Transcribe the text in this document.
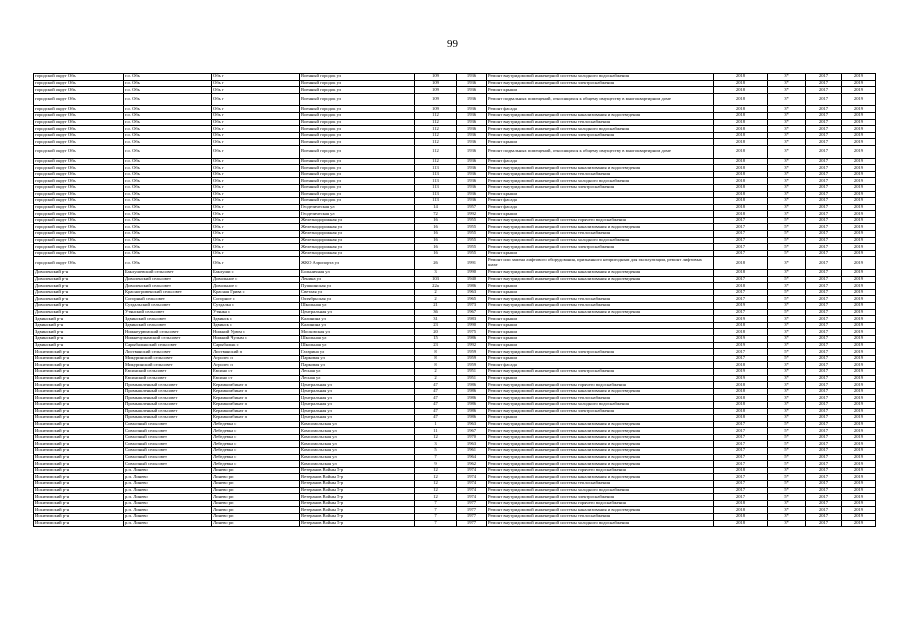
99
городской округ Обь	г.о. Обь	Обь г	Военный городок ул	109	1936	Ремонт внутридомовой инженерной системы холодного водоснабжения	2018	3*	2017	2019
городской округ Обь	г.о. Обь	Обь г	Военный городок ул	109	1936	Ремонт внутридомовой инженерной системы электроснабжения	2018	3*	2017	2019
городской округ Обь	г.о. Обь	Обь г	Военный городок ул	109	1936	Ремонт крыши	2018	3*	2017	2019
городской округ Обь	г.о. Обь	Обь г	Военный городок ул	109	1936	Ремонт подвальных помещений, относящихся к общему имуществу в многоквартирном доме	2018	3*	2017	2019
городской округ Обь	г.о. Обь	Обь г	Военный городок ул	109	1936	Ремонт фасада	2018	3*	2017	2019
городской округ Обь	г.о. Обь	Обь г	Военный городок ул	112	1936	Ремонт внутридомовой инженерной системы канализования и водоотведения	2018	3*	2017	2019
городской округ Обь	г.о. Обь	Обь г	Военный городок ул	112	1936	Ремонт внутридомовой инженерной системы теплоснабжения	2018	3*	2017	2019
городской округ Обь	г.о. Обь	Обь г	Военный городок ул	112	1936	Ремонт внутридомовой инженерной системы холодного водоснабжения	2018	3*	2017	2019
городской округ Обь	г.о. Обь	Обь г	Военный городок ул	112	1936	Ремонт внутридомовой инженерной системы электроснабжения	2018	3*	2017	2019
городской округ Обь	г.о. Обь	Обь г	Военный городок ул	112	1936	Ремонт крыши	2018	3*	2017	2019
городской округ Обь	г.о. Обь	Обь г	Военный городок ул	112	1936	Ремонт подвальных помещений, относящихся к общему имуществу в многоквартирном доме	2018	3*	2017	2019
городской округ Обь	г.о. Обь	Обь г	Военный городок ул	112	1936	Ремонт фасада	2018	3*	2017	2019
городской округ Обь	г.о. Обь	Обь г	Военный городок ул	113	1936	Ремонт внутридомовой инженерной системы канализования и водоотведения	2018	3*	2017	2019
городской округ Обь	г.о. Обь	Обь г	Военный городок ул	113	1936	Ремонт внутридомовой инженерной системы теплоснабжения	2018	3*	2017	2019
городской округ Обь	г.о. Обь	Обь г	Военный городок ул	113	1936	Ремонт внутридомовой инженерной системы холодного водоснабжения	2018	3*	2017	2019
городской округ Обь	г.о. Обь	Обь г	Военный городок ул	113	1936	Ремонт внутридомовой инженерной системы электроснабжения	2018	3*	2017	2019
городской округ Обь	г.о. Обь	Обь г	Военный городок ул	113	1936	Ремонт крыши	2018	3*	2017	2019
городской округ Обь	г.о. Обь	Обь г	Военный городок ул	113	1936	Ремонт фасада	2018	3*	2017	2019
городской округ Обь	г.о. Обь	Обь г	Геодезическая ул	14	1957	Ремонт фасада	2018	3*	2017	2019
городской округ Обь	г.о. Обь	Обь г	Геодезическая ул	72	1992	Ремонт крыши	2018	3*	2017	2019
городской округ Обь	г.о. Обь	Обь г	Железнодорожная ул	16	1955	Ремонт внутридомовой инженерной системы горячего водоснабжения	2017	5*	2017	2019
городской округ Обь	г.о. Обь	Обь г	Железнодорожная ул	16	1955	Ремонт внутридомовой инженерной системы канализования и водоотведения	2017	5*	2017	2019
городской округ Обь	г.о. Обь	Обь г	Железнодорожная ул	16	1955	Ремонт внутридомовой инженерной системы теплоснабжения	2017	5*	2017	2019
городской округ Обь	г.о. Обь	Обь г	Железнодорожная ул	16	1955	Ремонт внутридомовой инженерной системы холодного водоснабжения	2017	5*	2017	2019
городской округ Обь	г.о. Обь	Обь г	Железнодорожная ул	16	1955	Ремонт внутридомовой инженерной системы электроснабжения	2017	5*	2017	2019
городской округ Обь	г.о. Обь	Обь г	Железнодорожная ул	16	1955	Ремонт крыши	2017	5*	2017	2019
городской округ Обь	г.о. Обь	Обь г	ЖКО Аэропорта ул	26	1991	Ремонт или замена лифтового оборудования, признанного непригодным для эксплуатации, ремонт лифтовых шахт	2018	3*	2017	2019
Доволенский р-н	Баклушевский сельсовет	Баклуши с	Больничная ул	3	1990	Ремонт внутридомовой инженерной системы канализования и водоотведения	2018	3*	2017	2019
Доволенский р-н	Доволенский сельсовет	Довольное с	Ленина ул	103	1940	Ремонт внутридомовой инженерной системы канализования и водоотведения	2017	5*	2017	2019
Доволенский р-н	Доволенский сельсовет	Довольное с	Пушкинская ул	22а	1986	Ремонт крыши	2018	3*	2017	2019
Доволенский р-н	Красногривенский сельсовет	Красная Грива с	Светлая ул	2	1963	Ремонт крыши	2017	5*	2017	2019
Доволенский р-н	Согорный сельсовет	Согорное с	Октябрьская ул	2	1965	Ремонт внутридомовой инженерной системы теплоснабжения	2017	5*	2017	2019
Доволенский р-н	Суздальский сельсовет	Суздалка с	Школьная ул	21	1973	Ремонт внутридомовой инженерной системы теплоснабжения	2019	3*	2017	2019
Доволенский р-н	Утянский сельсовет	Утянка с	Центральная ул	36	1967	Ремонт внутридомовой инженерной системы канализования и водоотведения	2017	5*	2017	2019
Здвинский р-н	Здвинский сельсовет	Здвинск с	Калинина ул	31	1983	Ремонт крыши	2019	3*	2017	2019
Здвинский р-н	Здвинский сельсовет	Здвинск с	Калинина ул	23	1990	Ремонт крыши	2018	3*	2017	2019
Здвинский р-н	Нижнеурюмский сельсовет	Нижний Урюм с	Московская ул	20	1975	Ремонт крыши	2018	3*	2017	2019
Здвинский р-н	Нижнечулымский сельсовет	Нижний Чулым с	Школьная ул	15	1986	Ремонт крыши	2019	3*	2017	2019
Здвинский р-н	Сарыбалыкский сельсовет	Сарыбалык с	Школьная ул	23	1992	Ремонт крыши	2019	3*	2017	2019
Искитимский р-н	Листвянский сельсовет	Листвянский п	Гагарина ул	8	1959	Ремонт внутридомовой инженерной системы электроснабжения	2017	5*	2017	2019
Искитимский р-н	Микуринский сельсовет	Агролес п	Парковая ул	8	1959	Ремонт крыши	2017	5*	2017	2019
Искитимский р-н	Микуринский сельсовет	Агролес п	Парковая ул	8	1959	Ремонт фасада	2018	3*	2017	2019
Искитимский р-н	Евсинский сельсовет	Евсино ст	Лесная ул	2	1951	Ремонт внутридомовой инженерной системы электроснабжения	2019	3*	2017	2019
Искитимский р-н	Евсинский сельсовет	Евсино ст	Лесная ул	2	1951	Ремонт крыши	2019	3*	2017	2019
Искитимский р-н	Промышленный сельсовет	Керамкомбинат п	Центральная ул	47	1986	Ремонт внутридомовой инженерной системы горячего водоснабжения	2018	3*	2017	2019
Искитимский р-н	Промышленный сельсовет	Керамкомбинат п	Центральная ул	47	1986	Ремонт внутридомовой инженерной системы канализования и водоотведения	2018	3*	2017	2019
Искитимский р-н	Промышленный сельсовет	Керамкомбинат п	Центральная ул	47	1986	Ремонт внутридомовой инженерной системы теплоснабжения	2018	3*	2017	2019
Искитимский р-н	Промышленный сельсовет	Керамкомбинат п	Центральная ул	47	1986	Ремонт внутридомовой инженерной системы холодного водоснабжения	2018	3*	2017	2019
Искитимский р-н	Промышленный сельсовет	Керамкомбинат п	Центральная ул	47	1986	Ремонт внутридомовой инженерной системы электроснабжения	2018	3*	2017	2019
Искитимский р-н	Промышленный сельсовет	Керамкомбинат п	Центральная ул	47	1986	Ремонт крыши	2018	3*	2017	2019
Искитимский р-н	Совхозный сельсовет	Лебедевка с	Комсомольская ул	1	1963	Ремонт внутридомовой инженерной системы канализования и водоотведения	2017	5*	2017	2019
Искитимский р-н	Совхозный сельсовет	Лебедевка с	Комсомольская ул	11	1967	Ремонт внутридомовой инженерной системы канализования и водоотведения	2017	5*	2017	2019
Искитимский р-н	Совхозный сельсовет	Лебедевка с	Комсомольская ул	12	1970	Ремонт внутридомовой инженерной системы канализования и водоотведения	2017	5*	2017	2019
Искитимский р-н	Совхозный сельсовет	Лебедевка с	Комсомольская ул	3	1963	Ремонт внутридомовой инженерной системы канализования и водоотведения	2017	5*	2017	2019
Искитимский р-н	Совхозный сельсовет	Лебедевка с	Комсомольская ул	5	1961	Ремонт внутридомовой инженерной системы канализования и водоотведения	2017	5*	2017	2019
Искитимский р-н	Совхозный сельсовет	Лебедевка с	Комсомольская ул	7	1964	Ремонт внутридомовой инженерной системы канализования и водоотведения	2017	5*	2017	2019
Искитимский р-н	Совхозный сельсовет	Лебедевка с	Комсомольская ул	9	1962	Ремонт внутридомовой инженерной системы канализования и водоотведения	2017	5*	2017	2019
Искитимский р-н	р.п. Линево	Линево рп	Ветеранов Войны 5-р	12	1974	Ремонт внутридомовой инженерной системы горячего водоснабжения	2018	3*	2017	2019
Искитимский р-н	р.п. Линево	Линево рп	Ветеранов Войны 5-р	12	1974	Ремонт внутридомовой инженерной системы канализования и водоотведения	2017	5*	2017	2019
Искитимский р-н	р.п. Линево	Линево рп	Ветеранов Войны 5-р	12	1974	Ремонт внутридомовой инженерной системы теплоснабжения	2017	5*	2017	2019
Искитимский р-н	р.п. Линево	Линево рп	Ветеранов Войны 5-р	12	1974	Ремонт внутридомовой инженерной системы холодного водоснабжения	2017	5*	2017	2019
Искитимский р-н	р.п. Линево	Линево рп	Ветеранов Войны 5-р	12	1974	Ремонт внутридомовой инженерной системы электроснабжения	2017	5*	2017	2019
Искитимский р-н	р.п. Линево	Линево рп	Ветеранов Войны 5-р	7	1977	Ремонт внутридомовой инженерной системы горячего водоснабжения	2018	3*	2017	2019
Искитимский р-н	р.п. Линево	Линево рп	Ветеранов Войны 5-р	7	1977	Ремонт внутридомовой инженерной системы канализования и водоотведения	2018	3*	2017	2019
Искитимский р-н	р.п. Линево	Линево рп	Ветеранов Войны 5-р	7	1977	Ремонт внутридомовой инженерной системы теплоснабжения	2018	3*	2017	2019
Искитимский р-н	р.п. Линево	Линево рп	Ветеранов Войны 5-р	7	1977	Ремонт внутридомовой инженерной системы холодного водоснабжения	2018	3*	2017	2019
